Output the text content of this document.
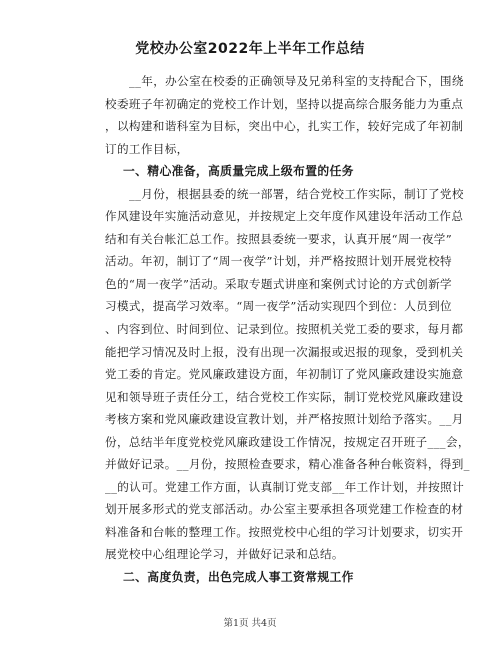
党校办公室2022年上半年工作总结
__年，办公室在校委的正确领导及兄弟科室的支持配合下，围绕
校委班子年初确定的党校工作计划，坚持以提高综合服务能力为重点
，以构建和谐科室为目标，突出中心，扎实工作，较好完成了年初制
订的工作目标，
一、精心准备，高质量完成上级布置的任务
__月份，根据县委的统一部署，结合党校工作实际，制订了党校
作风建设年实施活动意见，并按规定上交年度作风建设年活动工作总
结和有关台帐汇总工作。按照县委统一要求，认真开展“周一夜学”
活动。年初，制订了“周一夜学”计划，并严格按照计划开展党校特
色的“周一夜学”活动。采取专题式讲座和案例式讨论的方式创新学
习模式，提高学习效率。“周一夜学”活动实现四个到位：人员到位
、内容到位、时间到位、记录到位。按照机关党工委的要求，每月都
能把学习情况及时上报，没有出现一次漏报或迟报的现象，受到机关
党工委的肯定。党风廉政建设方面，年初制订了党风廉政建设实施意
见和领导班子责任分工，结合党校工作实际，制订党校党风廉政建设
考核方案和党风廉政建设宣教计划，并严格按照计划给予落实。__月
份，总结半年度党校党风廉政建设工作情况，按规定召开班子___会，
并做好记录。__月份，按照检查要求，精心准备各种台帐资料，得到_
__的认可。党建工作方面，认真制订党支部__年工作计划，并按照计
划开展多形式的党支部活动。办公室主要承担各项党建工作检查的材
料准备和台帐的整理工作。按照党校中心组的学习计划要求，切实开
展党校中心组理论学习，并做好记录和总结。
二、高度负责，出色完成人事工资常规工作
第1页 共4页
